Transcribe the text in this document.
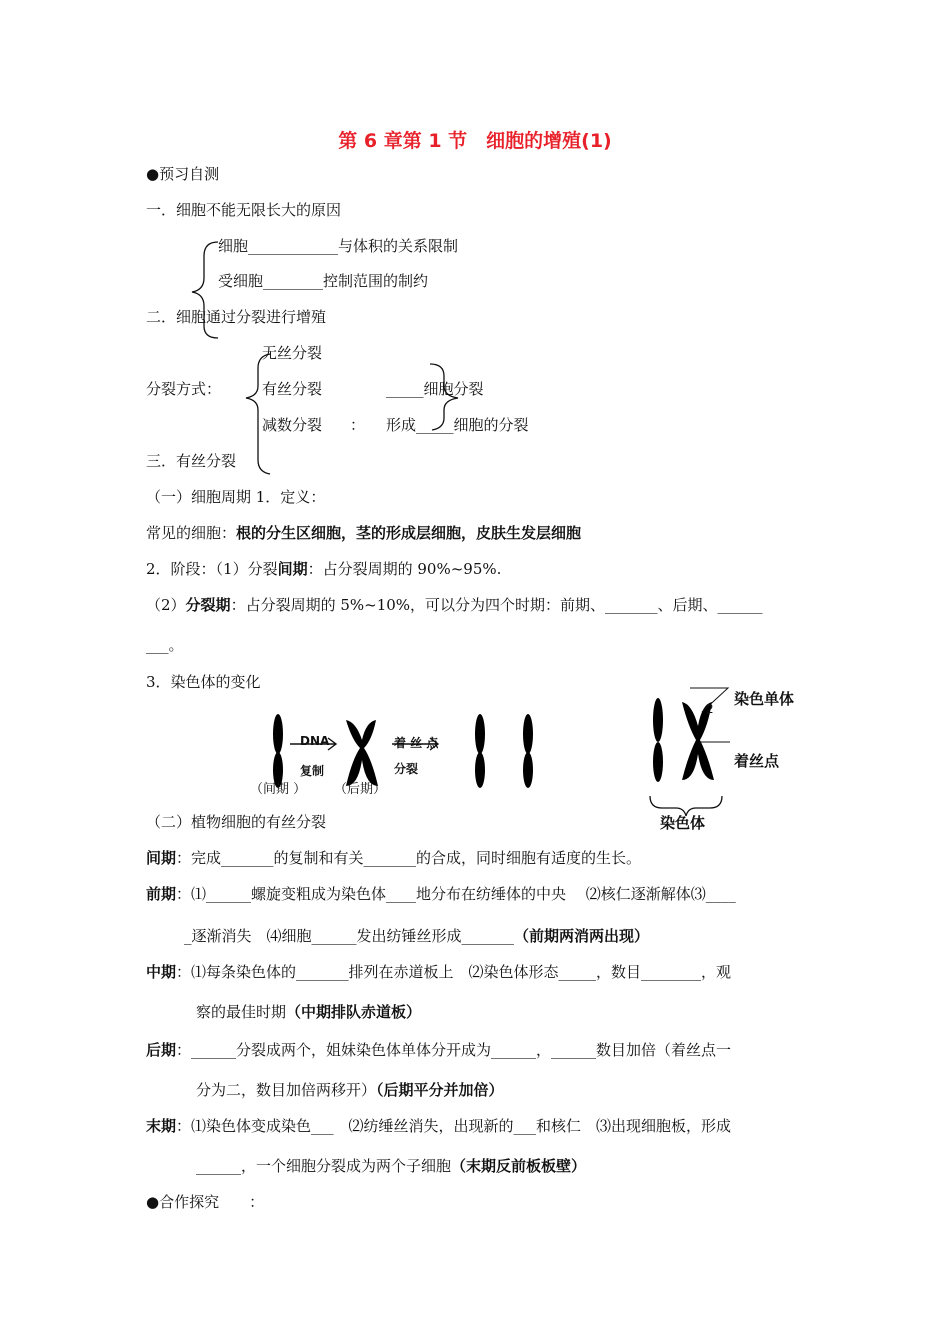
第 6 章第 1 节　细胞的增殖(1)
●预习自测
一．细胞不能无限长大的原因
细胞____________与体积的关系限制
受细胞________控制范围的制约
二．细胞通过分裂进行增殖
无丝分裂
分裂方式：	有丝分裂	_____细胞分裂
减数分裂 ： 形成_____细胞的分裂
三．有丝分裂
（一）细胞周期 1．定义：
常见的细胞：根的分生区细胞，茎的形成层细胞，皮肤生发层细胞
2．阶段：（1）分裂间期：占分裂周期的 90%~95%.
（2）分裂期：占分裂周期的 5%~10%，可以分为四个时期：前期、_______、后期、______
___。
3．染色体的变化
DNA
复制
着 丝 点
分裂
（间期 ） （后期）
染色单体
2
着丝点
染色体
（二）植物细胞的有丝分裂
间期：完成_______的复制和有关_______的合成，同时细胞有适度的生长。
前期：⑴______螺旋变粗成为染色体____地分布在纺缍体的中央　 ⑵核仁逐渐解体⑶____
_逐渐消失　⑷细胞______发出纺锤丝形成_______（前期两消两出现）
中期：⑴每条染色体的_______排列在赤道板上　⑵染色体形态_____，数目________，观
察的最佳时期（中期排队赤道板）
后期：______分裂成两个，姐妹染色体单体分开成为______，______数目加倍（着丝点一
分为二，数目加倍两移开）（后期平分并加倍）
末期：⑴染色体变成染色___　⑵纺缍丝消失，出现新的___和核仁　⑶出现细胞板，形成
______，一个细胞分裂成为两个子细胞（末期反前板板壁）
●合作探究　　：
